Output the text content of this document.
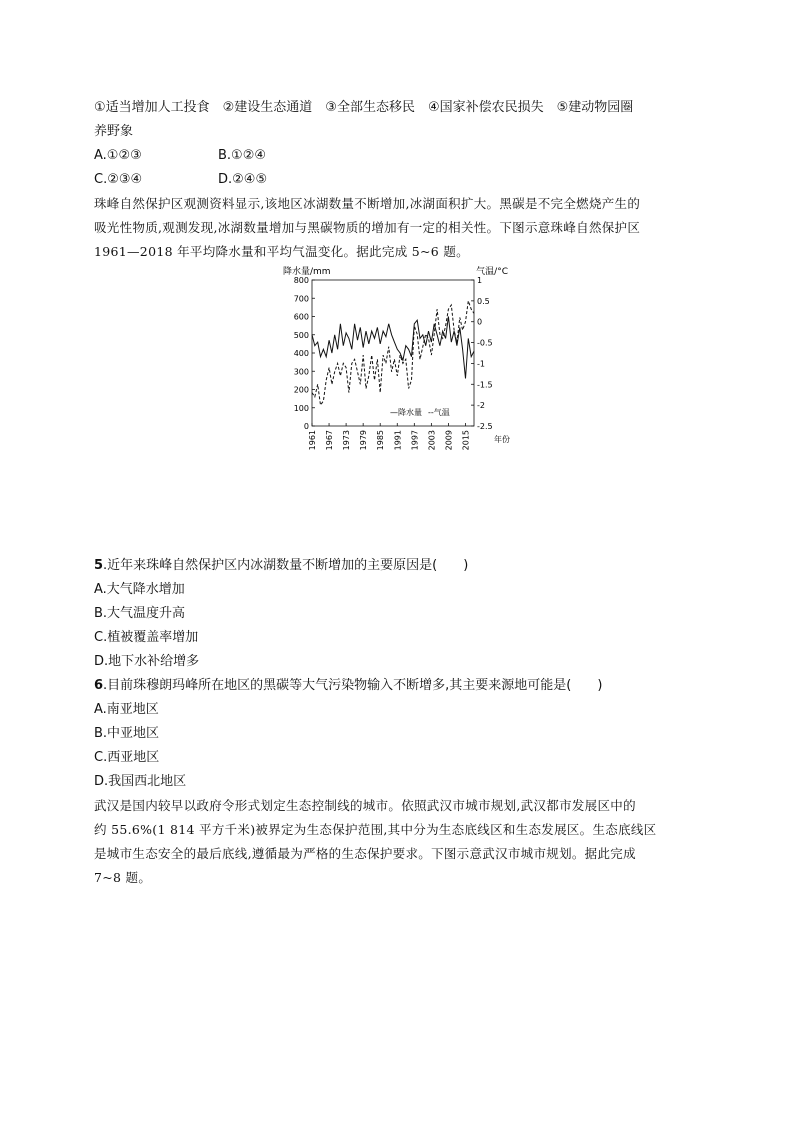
①适当增加人工投食　②建设生态通道　③全部生态移民　④国家补偿农民损失　⑤建动物园圈
养野象
A.①②③	B.①②④
C.②③④	D.②④⑤
珠峰自然保护区观测资料显示,该地区冰湖数量不断增加,冰湖面积扩大。黑碳是不完全燃烧产生的
吸光性物质,观测发现,冰湖数量增加与黑碳物质的增加有一定的相关性。下图示意珠峰自然保护区
1961—2018 年平均降水量和平均气温变化。据此完成 5~6 题。
800
700
600
500
400
300
200
100
0
1
0.5
0
-0.5
-1
-1.5
-2
-2.5
1961 1967 1973 1979 1985 1991 1997 2003 2009 2015
降水量/mm	气温/°C
年份
—降水量 --气温
5.近年来珠峰自然保护区内冰湖数量不断增加的主要原因是(　　)
A.大气降水增加
B.大气温度升高
C.植被覆盖率增加
D.地下水补给增多
6.目前珠穆朗玛峰所在地区的黑碳等大气污染物输入不断增多,其主要来源地可能是(　　)
A.南亚地区
B.中亚地区
C.西亚地区
D.我国西北地区
武汉是国内较早以政府令形式划定生态控制线的城市。依照武汉市城市规划,武汉都市发展区中的
约 55.6%(1 814 平方千米)被界定为生态保护范围,其中分为生态底线区和生态发展区。生态底线区
是城市生态安全的最后底线,遵循最为严格的生态保护要求。下图示意武汉市城市规划。据此完成
7~8 题。
